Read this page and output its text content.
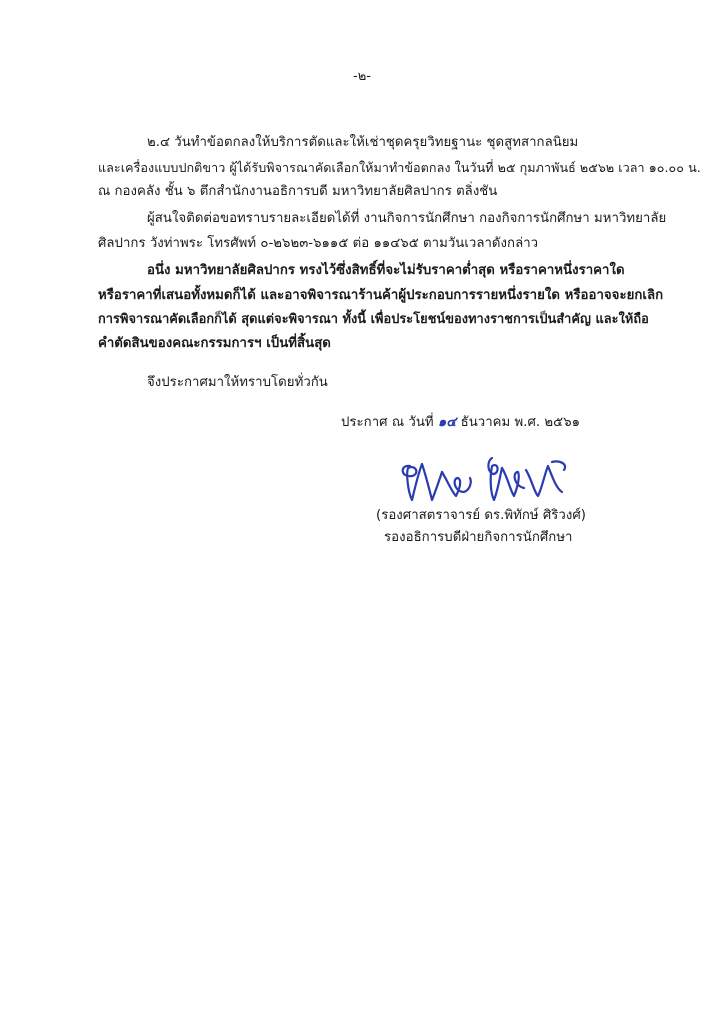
-๒-
๒.๔ วันทำข้อตกลงให้บริการตัดและให้เช่าชุดครุยวิทยฐานะ ชุดสูทสากลนิยม
และเครื่องแบบปกติขาว ผู้ได้รับพิจารณาคัดเลือกให้มาทำข้อตกลง ในวันที่ ๒๕ กุมภาพันธ์ ๒๕๖๒ เวลา ๑๐.๐๐ น.
ณ กองคลัง ชั้น ๖ ตึกสำนักงานอธิการบดี มหาวิทยาลัยศิลปากร ตลิ่งชัน
ผู้สนใจติดต่อขอทราบรายละเอียดได้ที่ งานกิจการนักศึกษา กองกิจการนักศึกษา มหาวิทยาลัย
ศิลปากร วังท่าพระ โทรศัพท์ ๐-๒๖๒๓-๖๑๑๕ ต่อ ๑๑๔๖๕ ตามวันเวลาดังกล่าว
อนึ่ง มหาวิทยาลัยศิลปากร ทรงไว้ซึ่งสิทธิ์ที่จะไม่รับราคาต่ำสุด หรือราคาหนึ่งราคาใด
หรือราคาที่เสนอทั้งหมดก็ได้ และอาจพิจารณาร้านค้าผู้ประกอบการรายหนึ่งรายใด หรืออาจจะยกเลิก
การพิจารณาคัดเลือกก็ได้ สุดแต่จะพิจารณา ทั้งนี้ เพื่อประโยชน์ของทางราชการเป็นสำคัญ และให้ถือ
คำตัดสินของคณะกรรมการฯ เป็นที่สิ้นสุด
จึงประกาศมาให้ทราบโดยทั่วกัน
ประกาศ ณ วันที่ ๑๔ ธันวาคม พ.ศ. ๒๕๖๑
(รองศาสตราจารย์ ดร.พิทักษ์ ศิริวงศ์)
รองอธิการบดีฝ่ายกิจการนักศึกษา
